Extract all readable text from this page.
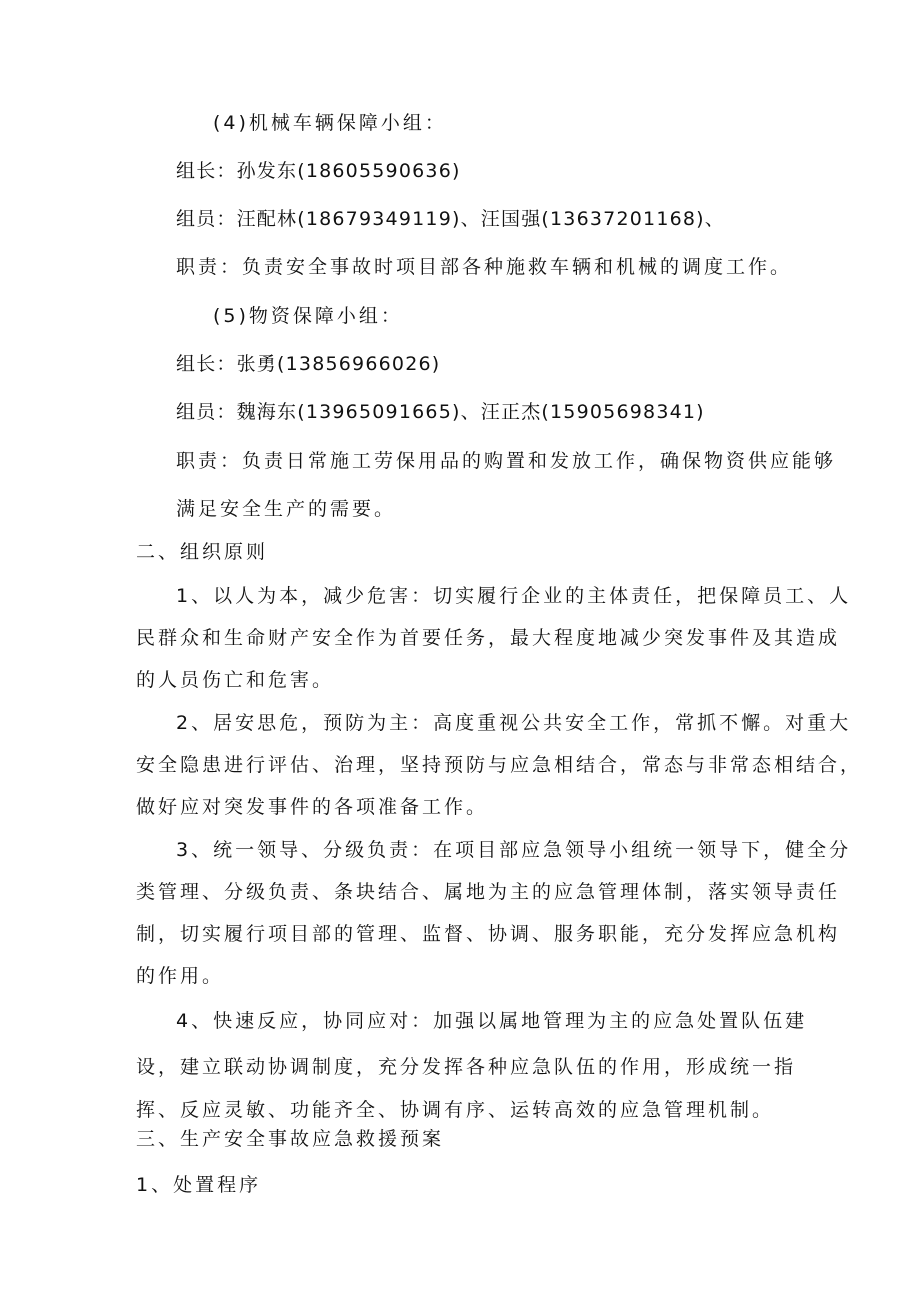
(4)机械车辆保障小组：
组长：孙发东(18605590636)
组员：汪配林(18679349119)、汪国强(13637201168)、
职责：负责安全事故时项目部各种施救车辆和机械的调度工作。
(5)物资保障小组：
组长：张勇(13856966026)
组员：魏海东(13965091665)、汪正杰(15905698341)
职责：负责日常施工劳保用品的购置和发放工作，确保物资供应能够
满足安全生产的需要。
二、组织原则
1、以人为本，减少危害：切实履行企业的主体责任，把保障员工、人
民群众和生命财产安全作为首要任务，最大程度地减少突发事件及其造成
的人员伤亡和危害。
2、居安思危，预防为主：高度重视公共安全工作，常抓不懈。对重大
安全隐患进行评估、治理，坚持预防与应急相结合，常态与非常态相结合，
做好应对突发事件的各项准备工作。
3、统一领导、分级负责：在项目部应急领导小组统一领导下，健全分
类管理、分级负责、条块结合、属地为主的应急管理体制，落实领导责任
制，切实履行项目部的管理、监督、协调、服务职能，充分发挥应急机构
的作用。
4、快速反应，协同应对：加强以属地管理为主的应急处置队伍建
设，建立联动协调制度，充分发挥各种应急队伍的作用，形成统一指
挥、反应灵敏、功能齐全、协调有序、运转高效的应急管理机制。
三、生产安全事故应急救援预案
1、处置程序
